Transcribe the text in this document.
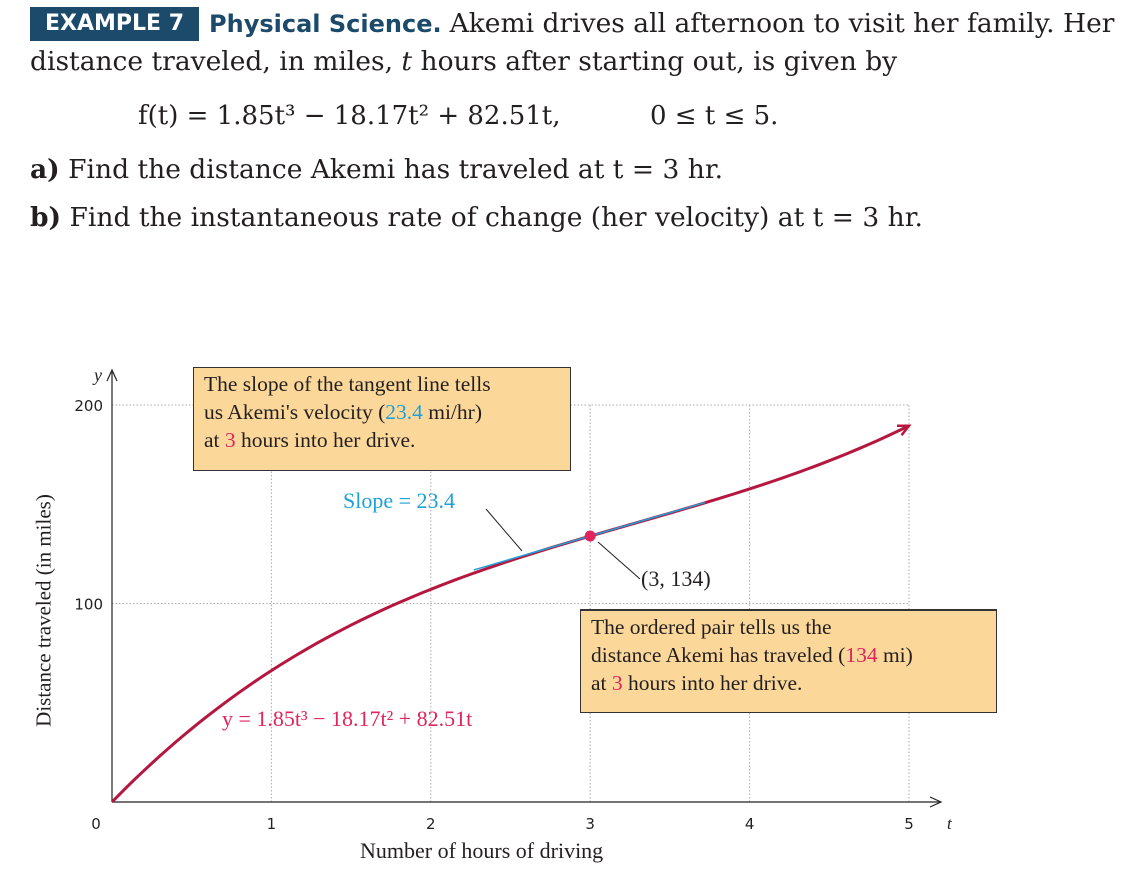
EXAMPLE 7 Physical Science. Akemi drives all afternoon to visit her family. Her
distance traveled, in miles, t hours after starting out, is given by
f(t) = 1.85t³ − 18.17t² + 82.51t,	0 ≤ t ≤ 5.
a) Find the distance Akemi has traveled at t = 3 hr.
b) Find the instantaneous rate of change (her velocity) at t = 3 hr.
0	1	2	3	4	5
100
200
y
t
Distance traveled (in miles)
Number of hours of driving
The slope of the tangent line tells
us Akemi's velocity (23.4 mi/hr)
at 3 hours into her drive.
The ordered pair tells us the
distance Akemi has traveled (134 mi)
at 3 hours into her drive.
Slope = 23.4
(3, 134)
y = 1.85t³ − 18.17t² + 82.51t
